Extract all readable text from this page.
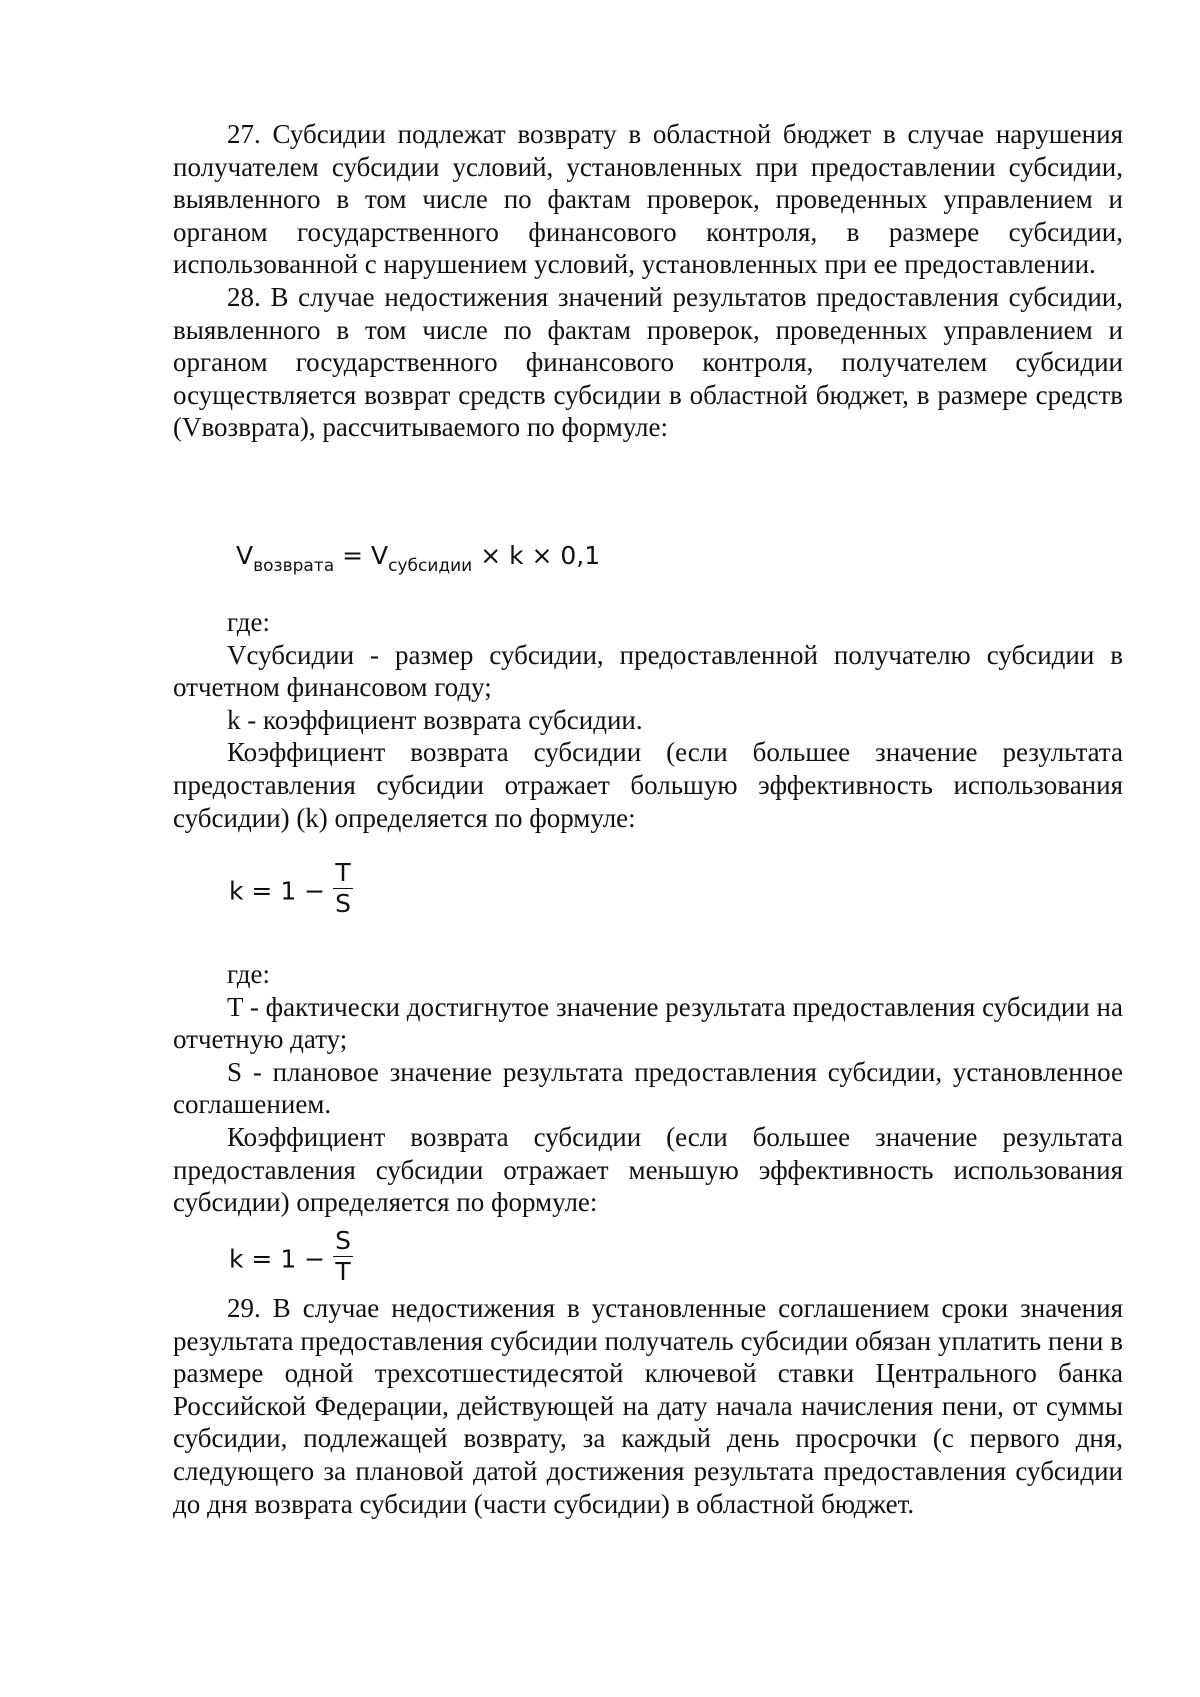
27. Субсидии подлежат возврату в областной бюджет в случае нарушения получателем субсидии условий, установленных при предоставлении субсидии, выявленного в том числе по фактам проверок, проведенных управлением и органом государственного финансового контроля, в размере субсидии, использованной с нарушением условий, установленных при ее предоставлении.

28. В случае недостижения значений результатов предоставления субсидии, выявленного в том числе по фактам проверок, проведенных управлением и органом государственного финансового контроля, получателем субсидии осуществляется возврат средств субсидии в областной бюджет, в размере средств (Vвозврата), рассчитываемого по формуле:

$V_{возврата} = V_{субсидии} \times k \times 0,1$

где:

Vсубсидии - размер субсидии, предоставленной получателю субсидии в отчетном финансовом году;

k - коэффициент возврата субсидии.

Коэффициент возврата субсидии (если большее значение результата предоставления субсидии отражает большую эффективность использования субсидии) (k) определяется по формуле:

$k = 1 - \frac{T}{S}$

где:

T - фактически достигнутое значение результата предоставления субсидии на отчетную дату;

S - плановое значение результата предоставления субсидии, установленное соглашением.

Коэффициент возврата субсидии (если большее значение результата предоставления субсидии отражает меньшую эффективность использования субсидии) определяется по формуле:

$k = 1 - \frac{S}{T}$

29. В случае недостижения в установленные соглашением сроки значения результата предоставления субсидии получатель субсидии обязан уплатить пени в размере одной трехсотшестидесятой ключевой ставки Центрального банка Российской Федерации, действующей на дату начала начисления пени, от суммы субсидии, подлежащей возврату, за каждый день просрочки (с первого дня, следующего за плановой датой достижения результата предоставления субсидии до дня возврата субсидии (части субсидии) в областной бюджет.
